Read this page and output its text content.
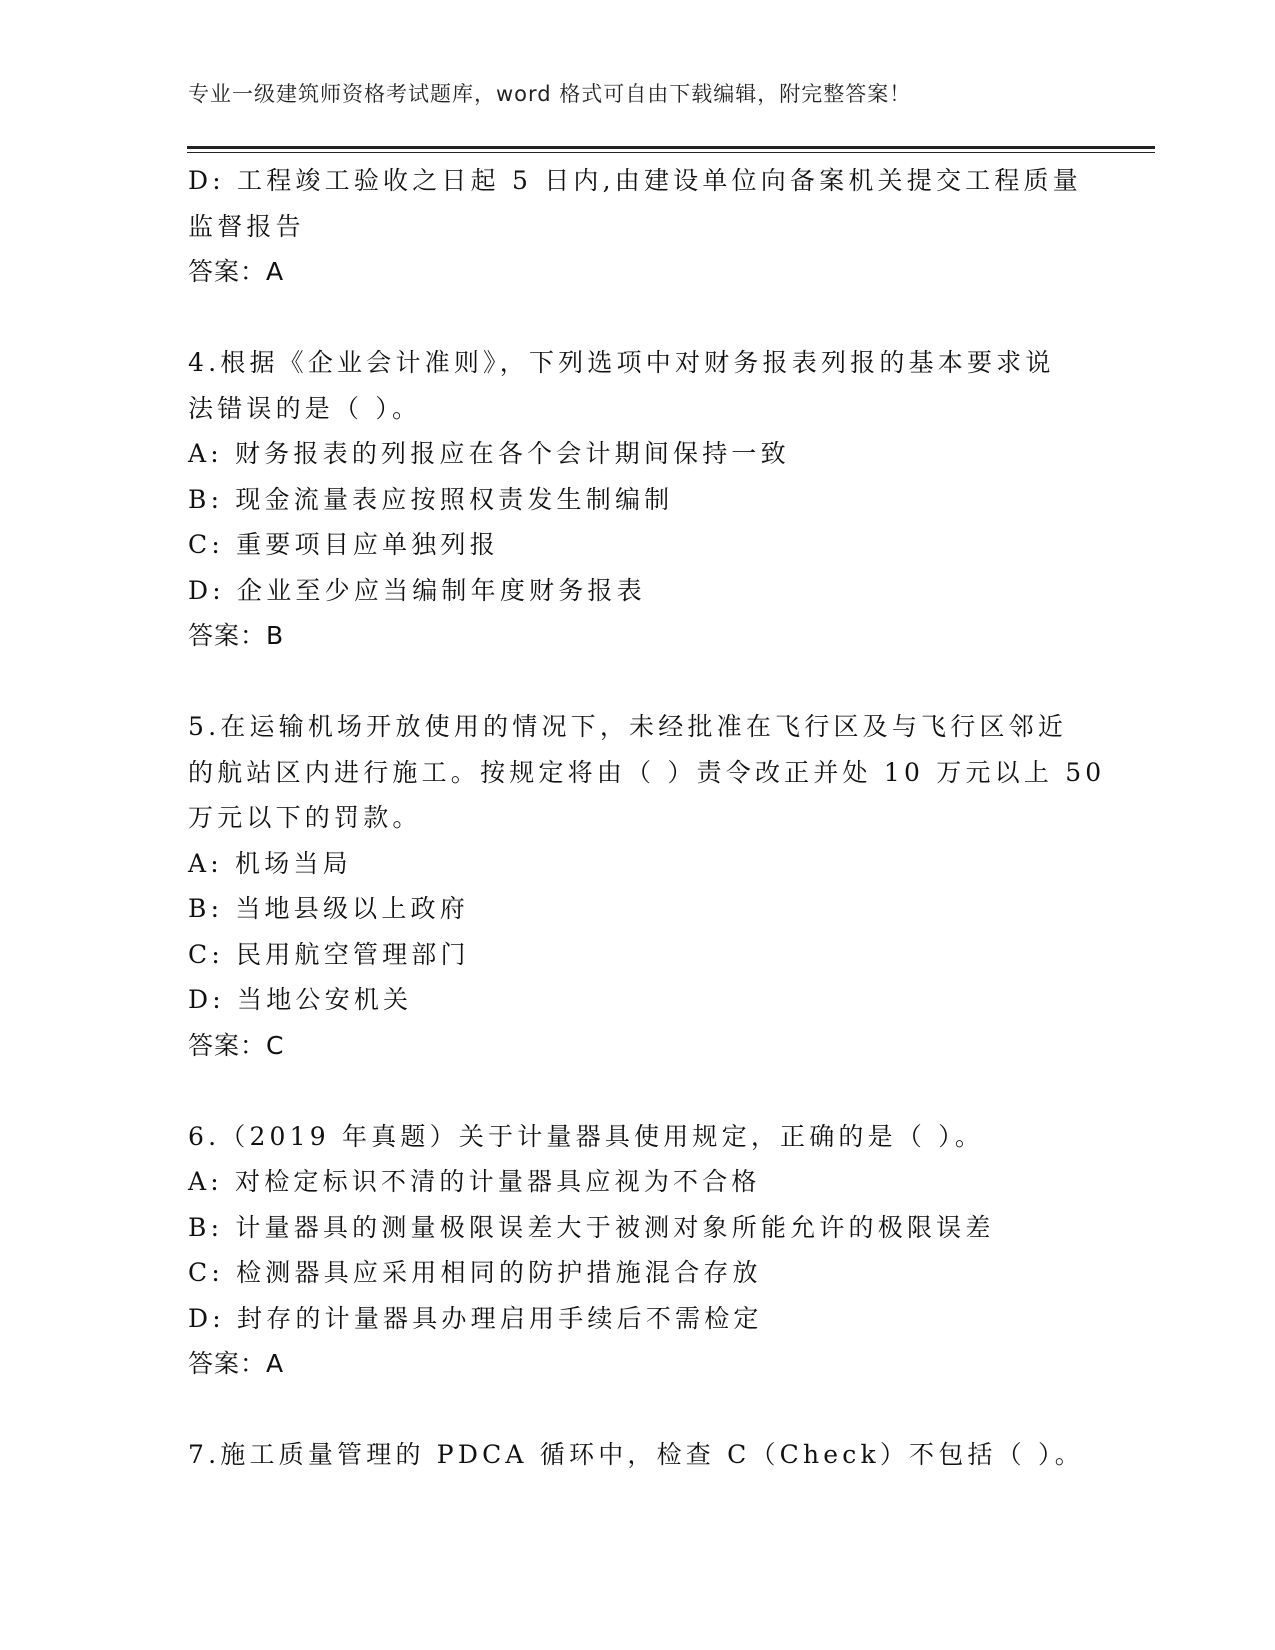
专业一级建筑师资格考试题库，word 格式可自由下载编辑，附完整答案！
D: 工程竣工验收之日起 5 日内,由建设单位向备案机关提交工程质量
监督报告
答案：A
4.根据《企业会计准则》，下列选项中对财务报表列报的基本要求说
法错误的是（ ）。
A: 财务报表的列报应在各个会计期间保持一致
B: 现金流量表应按照权责发生制编制
C: 重要项目应单独列报
D: 企业至少应当编制年度财务报表
答案：B
5.在运输机场开放使用的情况下，未经批准在飞行区及与飞行区邻近
的航站区内进行施工。按规定将由（ ）责令改正并处 10 万元以上 50
万元以下的罚款。
A: 机场当局
B: 当地县级以上政府
C: 民用航空管理部门
D: 当地公安机关
答案：C
6.（2019 年真题）关于计量器具使用规定，正确的是（ ）。
A: 对检定标识不清的计量器具应视为不合格
B: 计量器具的测量极限误差大于被测对象所能允许的极限误差
C: 检测器具应采用相同的防护措施混合存放
D: 封存的计量器具办理启用手续后不需检定
答案：A
7.施工质量管理的 PDCA 循环中，检查 C（Check）不包括（ ）。
